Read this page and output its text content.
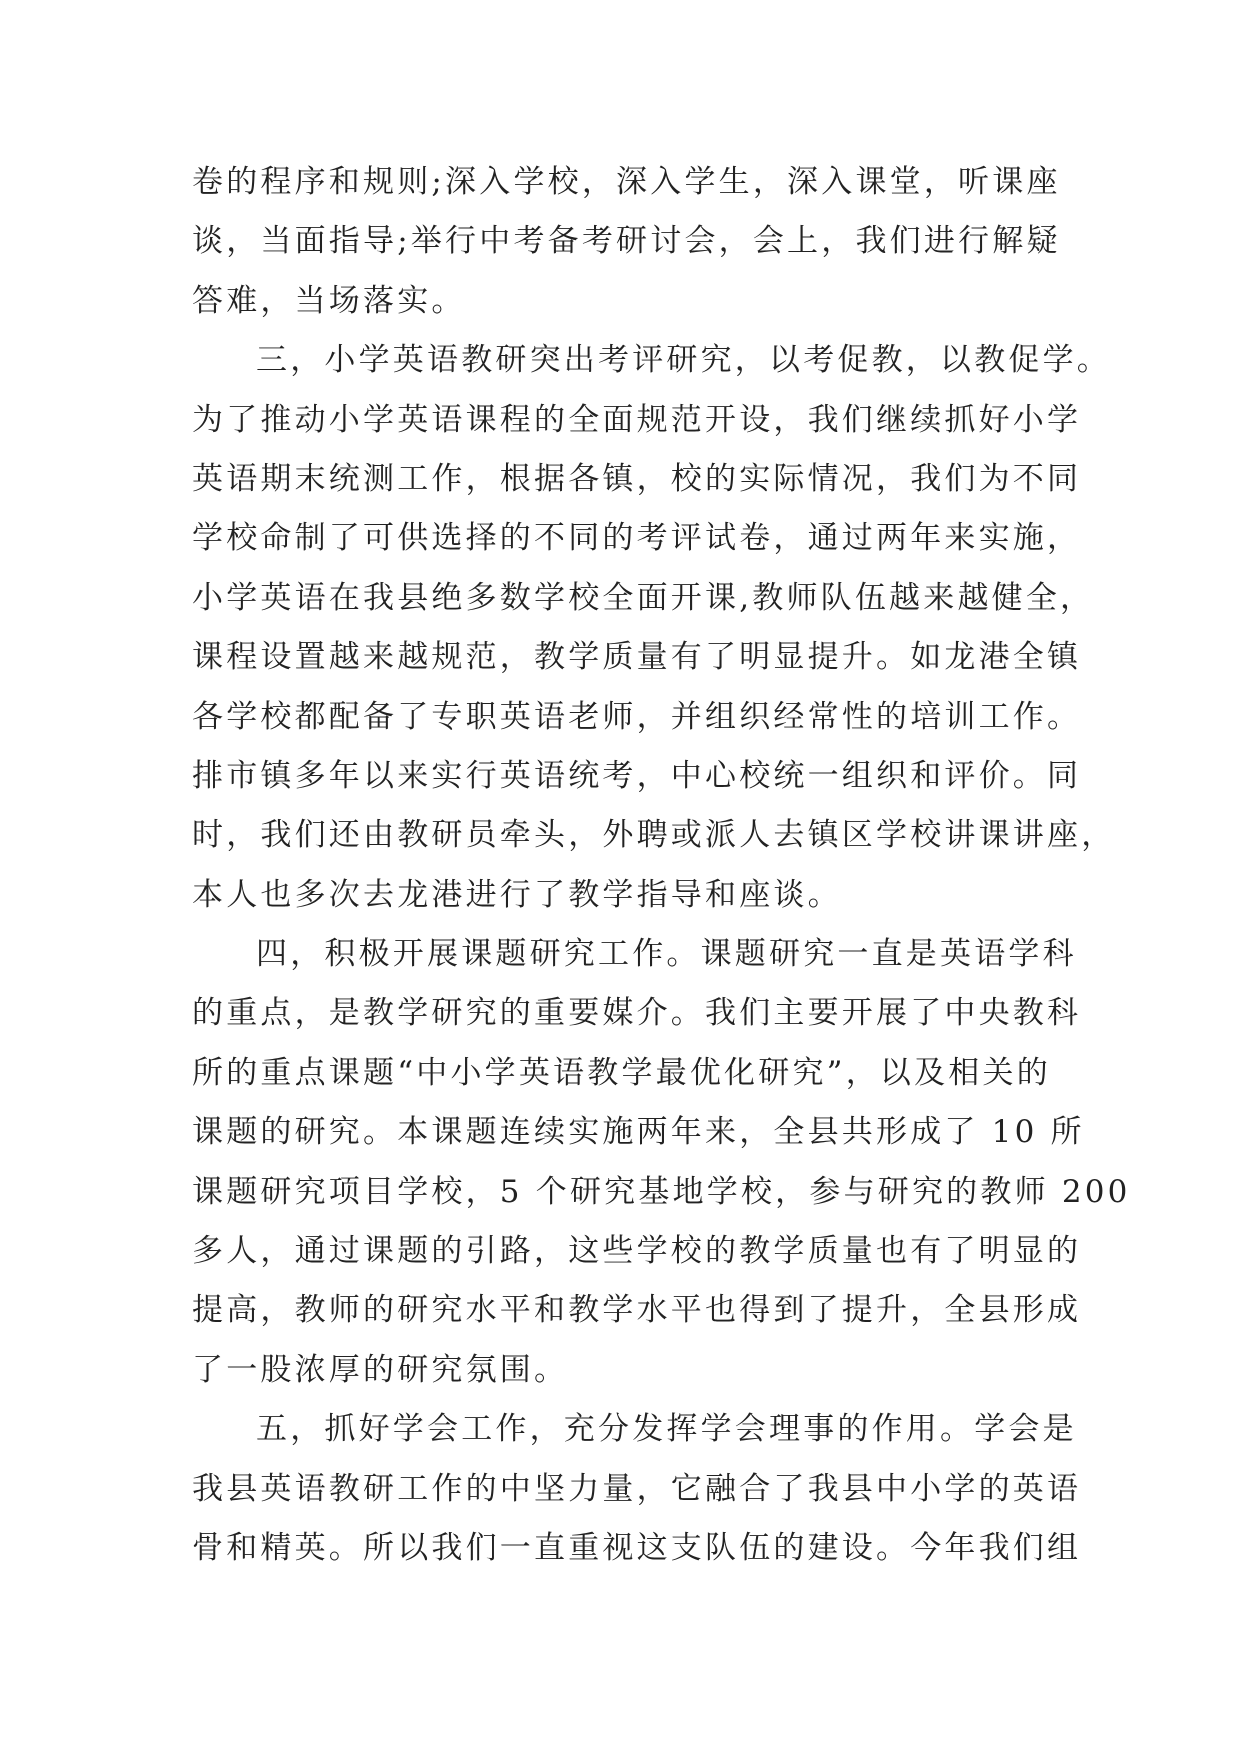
卷的程序和规则;深入学校，深入学生，深入课堂，听课座
谈，当面指导;举行中考备考研讨会，会上，我们进行解疑
答难，当场落实。
三，小学英语教研突出考评研究，以考促教，以教促学。
为了推动小学英语课程的全面规范开设，我们继续抓好小学
英语期末统测工作，根据各镇，校的实际情况，我们为不同
学校命制了可供选择的不同的考评试卷，通过两年来实施，
小学英语在我县绝多数学校全面开课,教师队伍越来越健全，
课程设置越来越规范，教学质量有了明显提升。如龙港全镇
各学校都配备了专职英语老师，并组织经常性的培训工作。
排市镇多年以来实行英语统考，中心校统一组织和评价。同
时，我们还由教研员牵头，外聘或派人去镇区学校讲课讲座，
本人也多次去龙港进行了教学指导和座谈。
四，积极开展课题研究工作。课题研究一直是英语学科
的重点，是教学研究的重要媒介。我们主要开展了中央教科
所的重点课题“中小学英语教学最优化研究”，以及相关的
课题的研究。本课题连续实施两年来，全县共形成了 10 所
课题研究项目学校，5 个研究基地学校，参与研究的教师 200
多人，通过课题的引路，这些学校的教学质量也有了明显的
提高，教师的研究水平和教学水平也得到了提升，全县形成
了一股浓厚的研究氛围。
五，抓好学会工作，充分发挥学会理事的作用。学会是
我县英语教研工作的中坚力量，它融合了我县中小学的英语
骨和精英。所以我们一直重视这支队伍的建设。今年我们组
